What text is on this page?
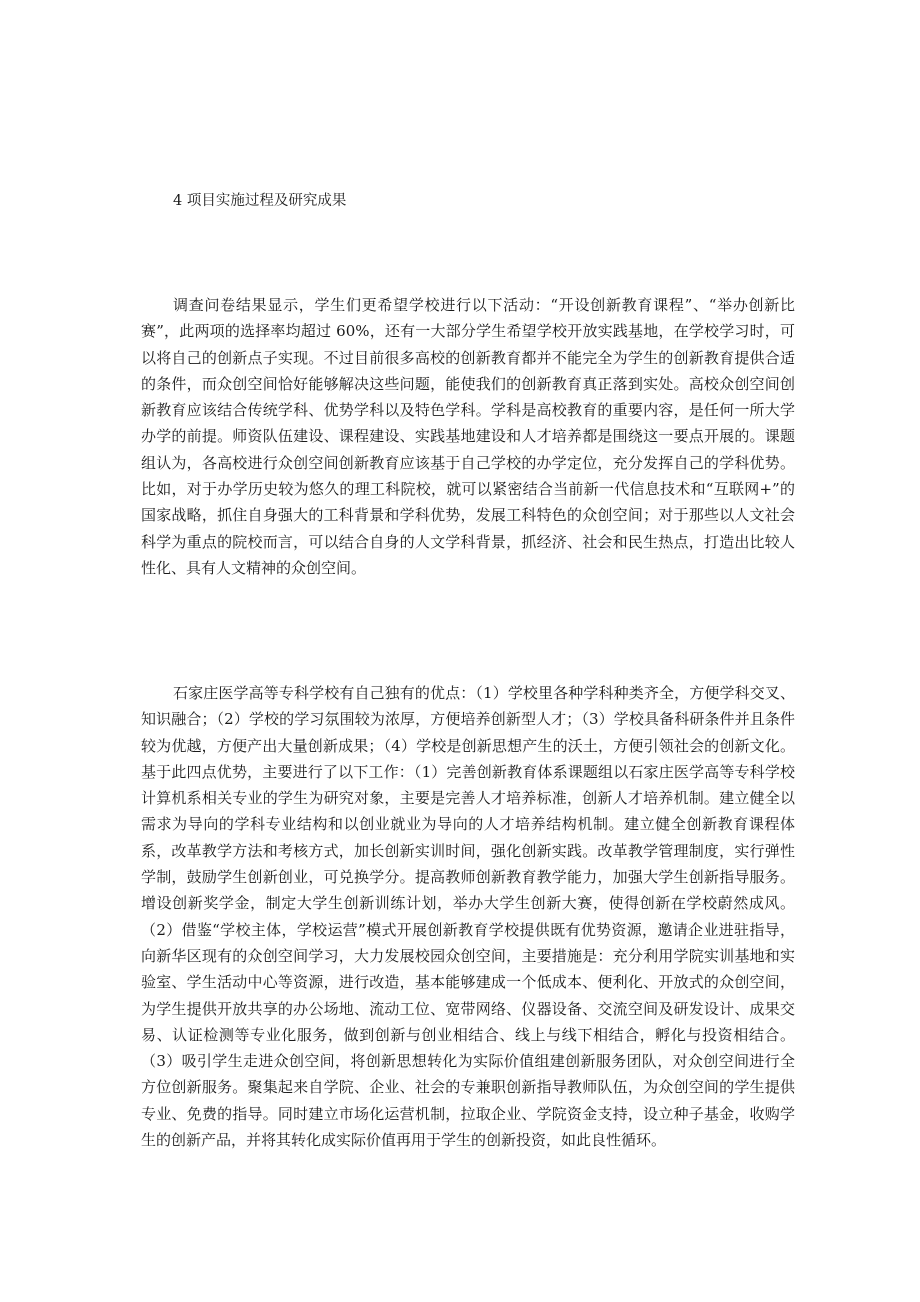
4 项目实施过程及研究成果

调查问卷结果显示，学生们更希望学校进行以下活动：“开设创新教育课程”、“举办创新比赛”，此两项的选择率均超过 60%，还有一大部分学生希望学校开放实践基地，在学校学习时，可以将自己的创新点子实现。不过目前很多高校的创新教育都并不能完全为学生的创新教育提供合适的条件，而众创空间恰好能够解决这些问题，能使我们的创新教育真正落到实处。高校众创空间创新教育应该结合传统学科、优势学科以及特色学科。学科是高校教育的重要内容，是任何一所大学办学的前提。师资队伍建设、课程建设、实践基地建设和人才培养都是围绕这一要点开展的。课题组认为，各高校进行众创空间创新教育应该基于自己学校的办学定位，充分发挥自己的学科优势。比如，对于办学历史较为悠久的理工科院校，就可以紧密结合当前新一代信息技术和“互联网+”的国家战略，抓住自身强大的工科背景和学科优势，发展工科特色的众创空间；对于那些以人文社会科学为重点的院校而言，可以结合自身的人文学科背景，抓经济、社会和民生热点，打造出比较人性化、具有人文精神的众创空间。

石家庄医学高等专科学校有自己独有的优点：（1）学校里各种学科种类齐全，方便学科交叉、知识融合；（2）学校的学习氛围较为浓厚，方便培养创新型人才；（3）学校具备科研条件并且条件较为优越，方便产出大量创新成果；（4）学校是创新思想产生的沃土，方便引领社会的创新文化。基于此四点优势，主要进行了以下工作：（1）完善创新教育体系课题组以石家庄医学高等专科学校计算机系相关专业的学生为研究对象，主要是完善人才培养标准，创新人才培养机制。建立健全以需求为导向的学科专业结构和以创业就业为导向的人才培养结构机制。建立健全创新教育课程体系，改革教学方法和考核方式，加长创新实训时间，强化创新实践。改革教学管理制度，实行弹性学制，鼓励学生创新创业，可兑换学分。提高教师创新教育教学能力，加强大学生创新指导服务。增设创新奖学金，制定大学生创新训练计划，举办大学生创新大赛，使得创新在学校蔚然成风。（2）借鉴“学校主体，学校运营”模式开展创新教育学校提供既有优势资源，邀请企业进驻指导，向新华区现有的众创空间学习，大力发展校园众创空间，主要措施是：充分利用学院实训基地和实验室、学生活动中心等资源，进行改造，基本能够建成一个低成本、便利化、开放式的众创空间，为学生提供开放共享的办公场地、流动工位、宽带网络、仪器设备、交流空间及研发设计、成果交易、认证检测等专业化服务，做到创新与创业相结合、线上与线下相结合，孵化与投资相结合。（3）吸引学生走进众创空间，将创新思想转化为实际价值组建创新服务团队，对众创空间进行全方位创新服务。聚集起来自学院、企业、社会的专兼职创新指导教师队伍，为众创空间的学生提供专业、免费的指导。同时建立市场化运营机制，拉取企业、学院资金支持，设立种子基金，收购学生的创新产品，并将其转化成实际价值再用于学生的创新投资，如此良性循环。
